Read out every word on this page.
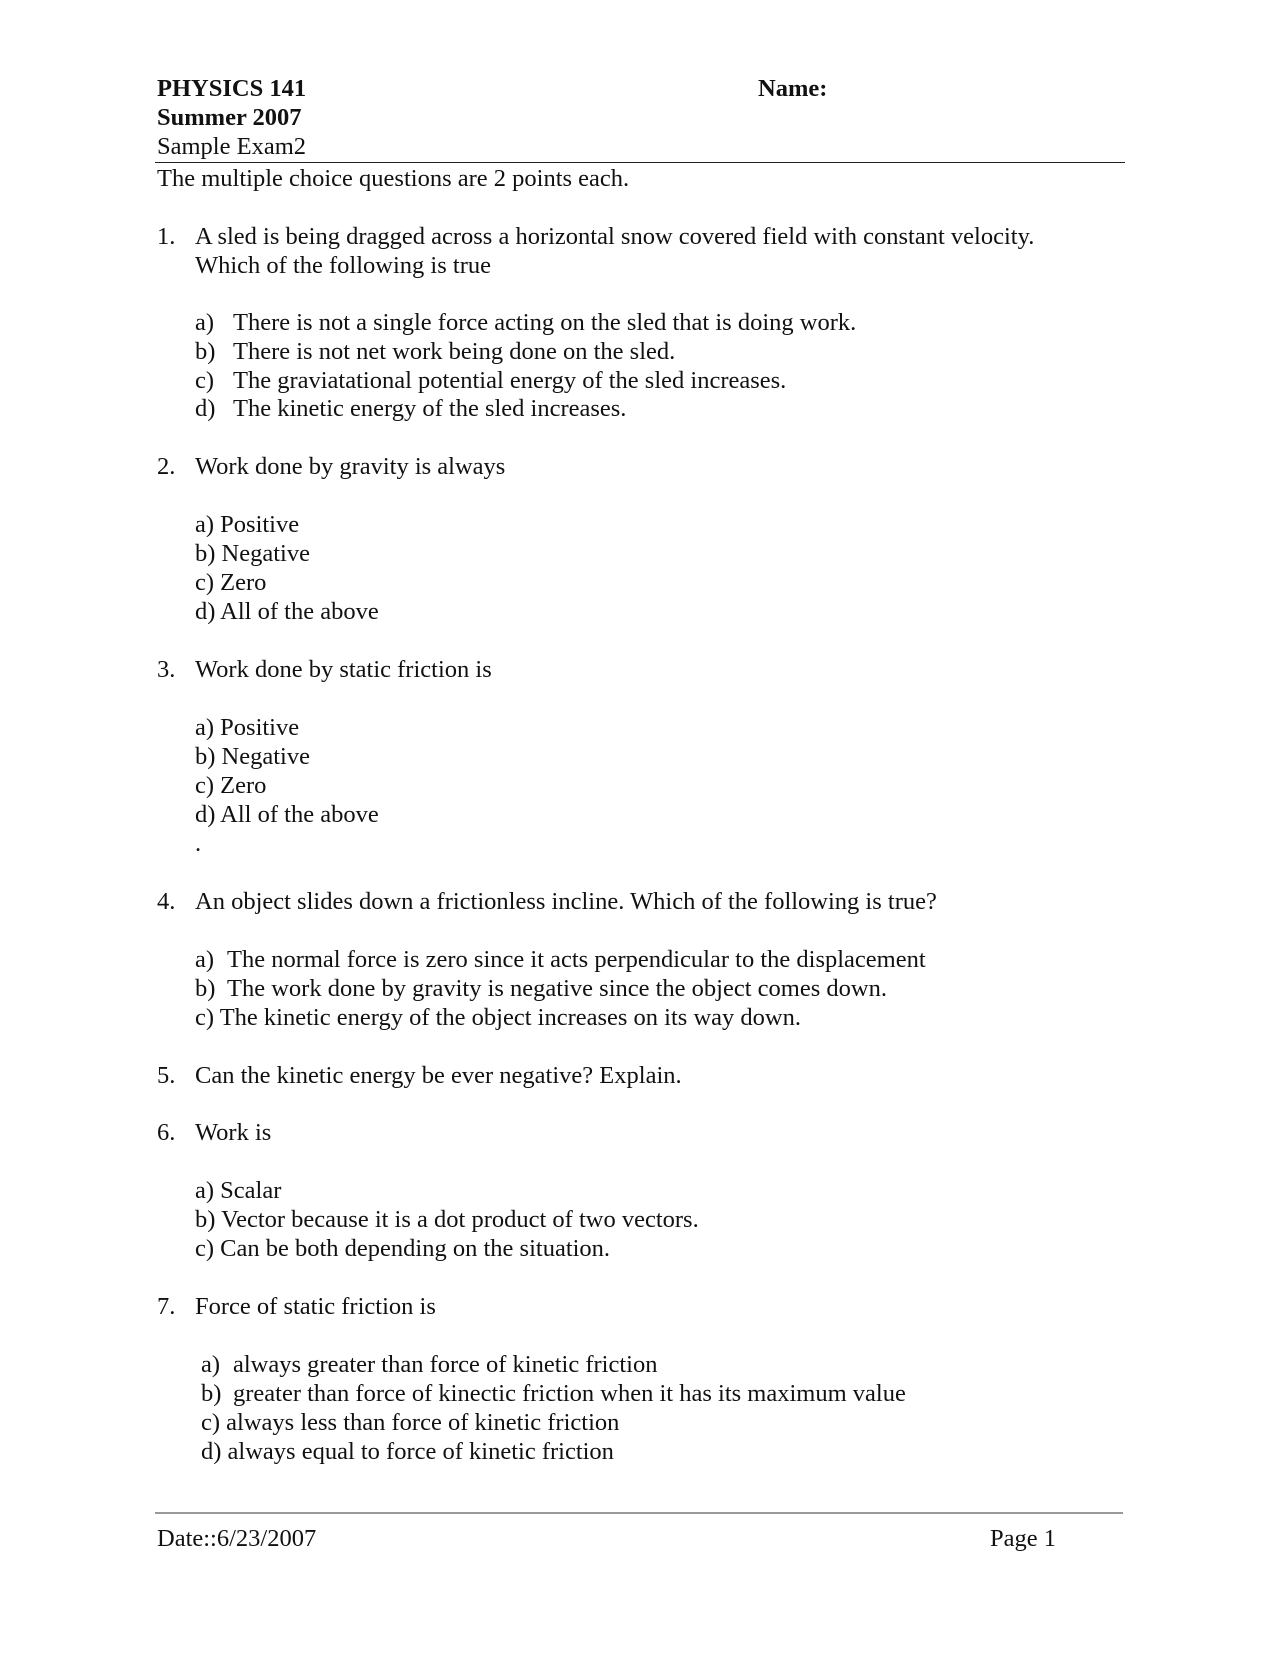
PHYSICS 141	Name:
Summer 2007
Sample Exam2
The multiple choice questions are 2 points each.
1. A sled is being dragged across a horizontal snow covered field with constant velocity.
Which of the following is true
a) There is not a single force acting on the sled that is doing work.
b) There is not net work being done on the sled.
c) The graviatational potential energy of the sled increases.
d) The kinetic energy of the sled increases.
2. Work done by gravity is always
a) Positive
b) Negative
c) Zero
d) All of the above
3. Work done by static friction is
a) Positive
b) Negative
c) Zero
d) All of the above
.
4. An object slides down a frictionless incline. Which of the following is true?
a) The normal force is zero since it acts perpendicular to the displacement
b) The work done by gravity is negative since the object comes down.
c) The kinetic energy of the object increases on its way down.
5. Can the kinetic energy be ever negative? Explain.
6. Work is
a) Scalar
b) Vector because it is a dot product of two vectors.
c) Can be both depending on the situation.
7. Force of static friction is
a) always greater than force of kinetic friction
b) greater than force of kinectic friction when it has its maximum value
c) always less than force of kinetic friction
d) always equal to force of kinetic friction
Date::6/23/2007	Page 1
